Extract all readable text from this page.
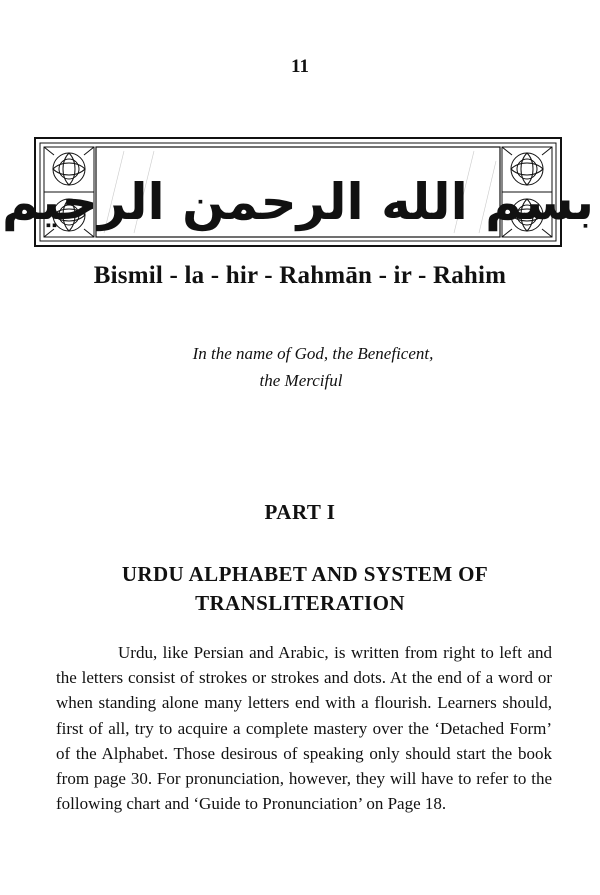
11
بسم الله الرحمن الرحيم
Bismil - la - hir - Rahmān - ir - Rahim
In the name of God, the Beneficent,
the Merciful
PART I
URDU ALPHABET AND SYSTEM OF
TRANSLITERATION

Urdu, like Persian and Arabic, is written from right to left and the letters consist of strokes or strokes and dots. At the end of a word or when standing alone many letters end with a flourish. Learners should, first of all, try to acquire a complete mastery over the ‘Detached Form’ of the Alphabet. Those desirous of speaking only should start the book from page 30. For pronunciation, however, they will have to refer to the following chart and ‘Guide to Pronunciation’ on Page 18.
